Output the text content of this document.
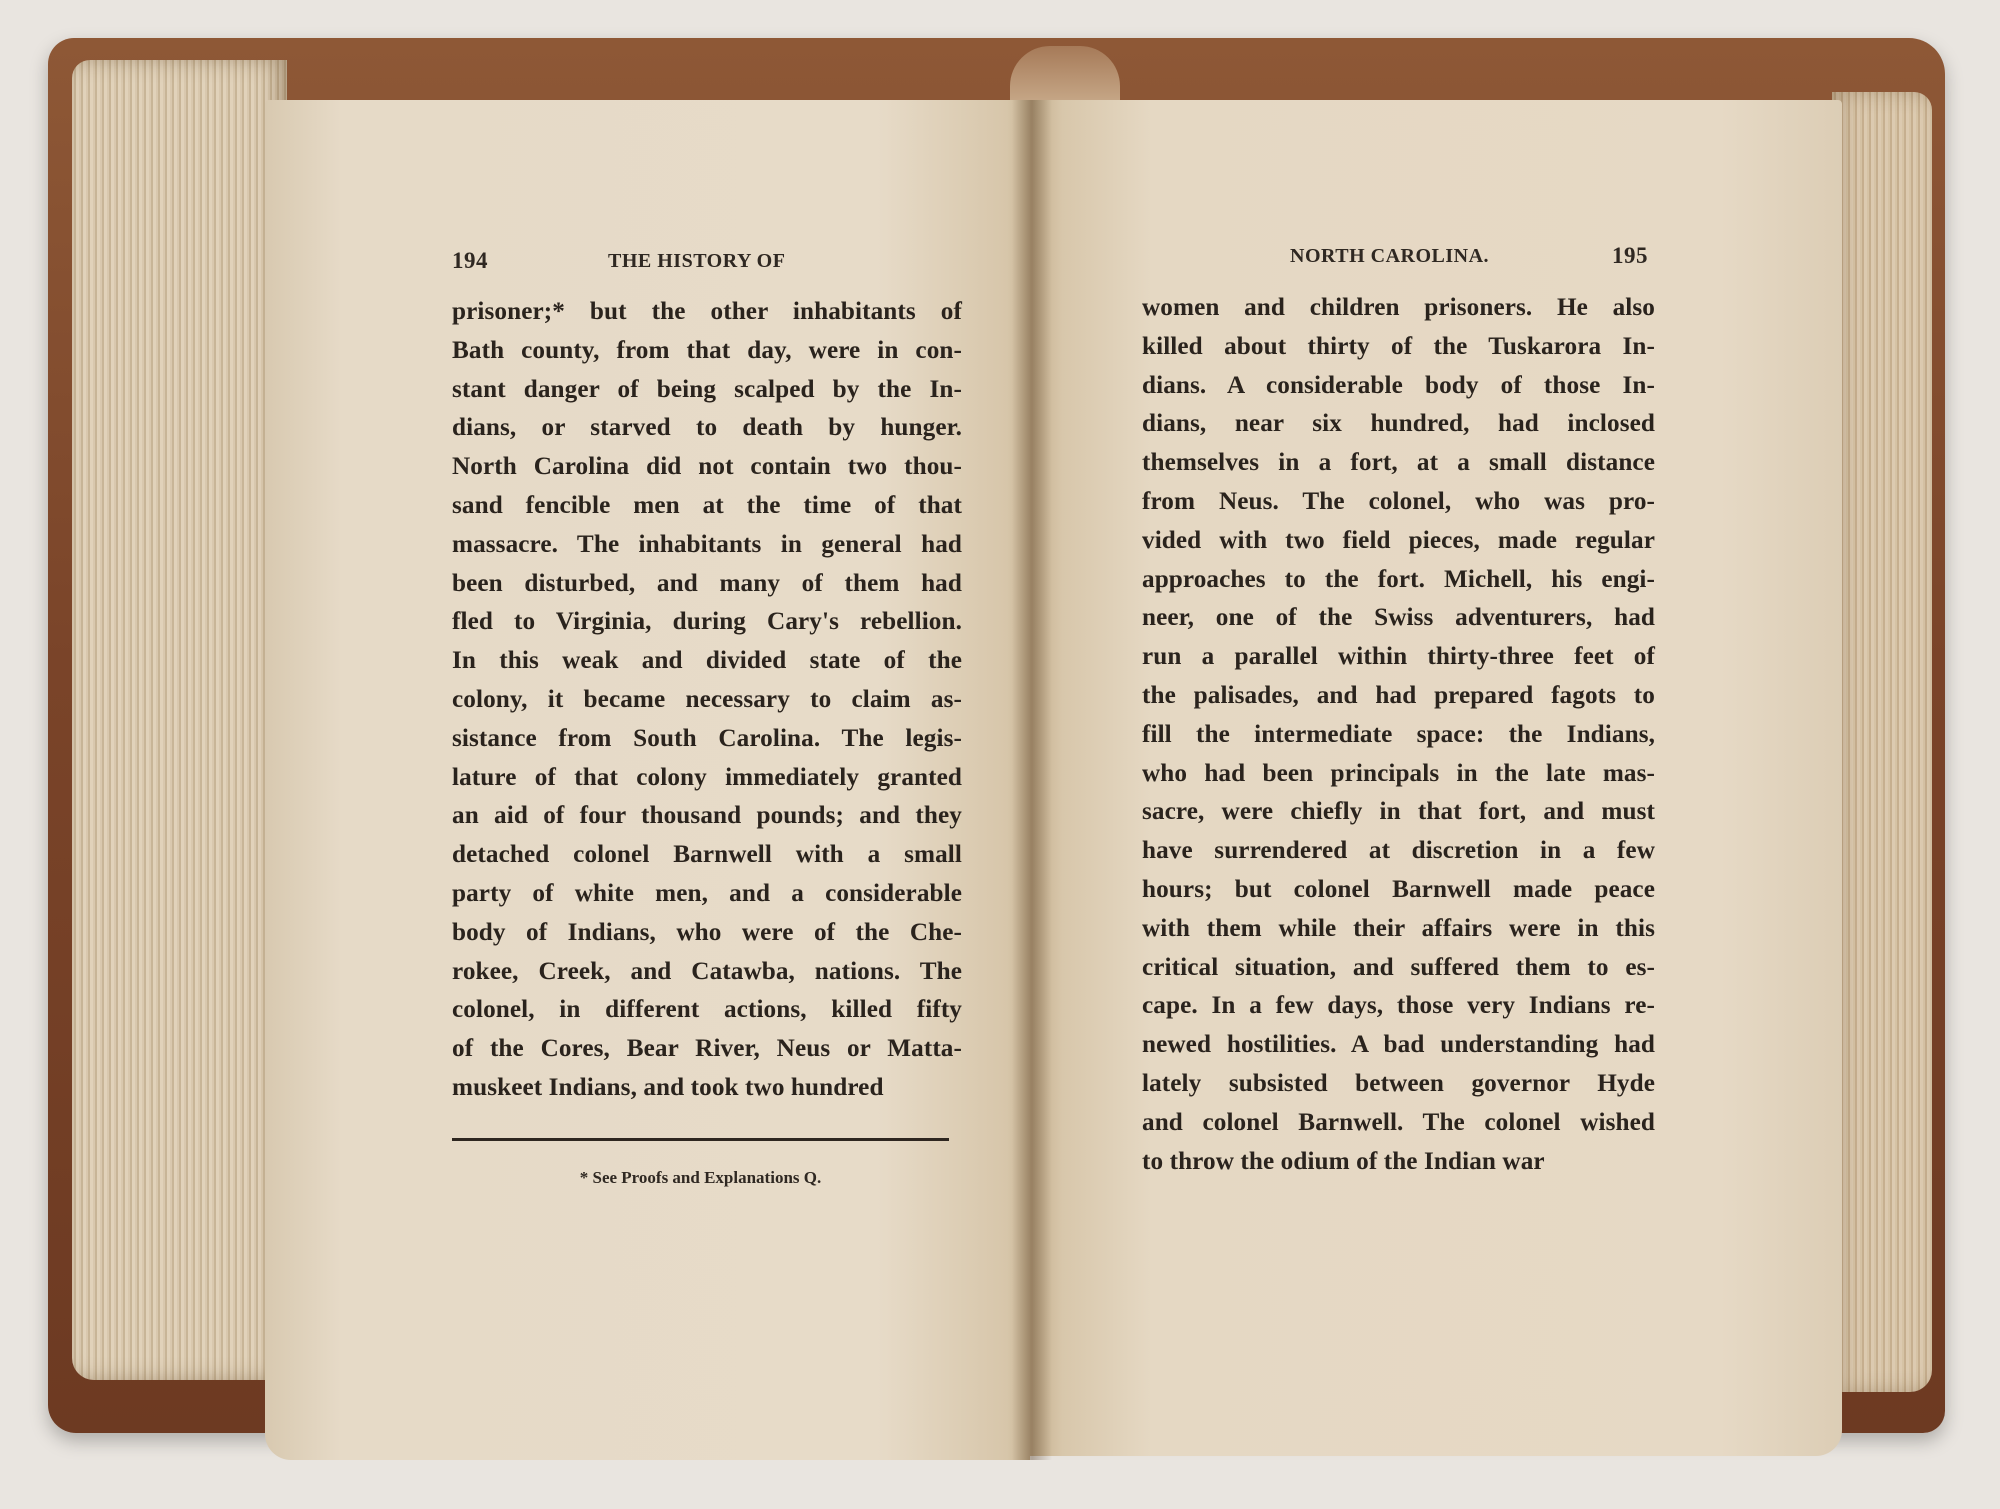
194	THE HISTORY OF	NORTH CAROLINA.	195
prisoner;* but the other inhabitants of
Bath county, from that day, were in con-
stant danger of being scalped by the In-
dians, or starved to death by hunger.
North Carolina did not contain two thou-
sand fencible men at the time of that
massacre. The inhabitants in general had
been disturbed, and many of them had
fled to Virginia, during Cary's rebellion.
In this weak and divided state of the
colony, it became necessary to claim as-
sistance from South Carolina. The legis-
lature of that colony immediately granted
an aid of four thousand pounds; and they
detached colonel Barnwell with a small
party of white men, and a considerable
body of Indians, who were of the Che-
rokee, Creek, and Catawba, nations. The
colonel, in different actions, killed fifty
of the Cores, Bear River, Neus or Matta-
muskeet Indians, and took two hundred
* See Proofs and Explanations Q.
women and children prisoners. He also
killed about thirty of the Tuskarora In-
dians. A considerable body of those In-
dians, near six hundred, had inclosed
themselves in a fort, at a small distance
from Neus. The colonel, who was pro-
vided with two field pieces, made regular
approaches to the fort. Michell, his engi-
neer, one of the Swiss adventurers, had
run a parallel within thirty-three feet of
the palisades, and had prepared fagots to
fill the intermediate space: the Indians,
who had been principals in the late mas-
sacre, were chiefly in that fort, and must
have surrendered at discretion in a few
hours; but colonel Barnwell made peace
with them while their affairs were in this
critical situation, and suffered them to es-
cape. In a few days, those very Indians re-
newed hostilities. A bad understanding had
lately subsisted between governor Hyde
and colonel Barnwell. The colonel wished
to throw the odium of the Indian war
